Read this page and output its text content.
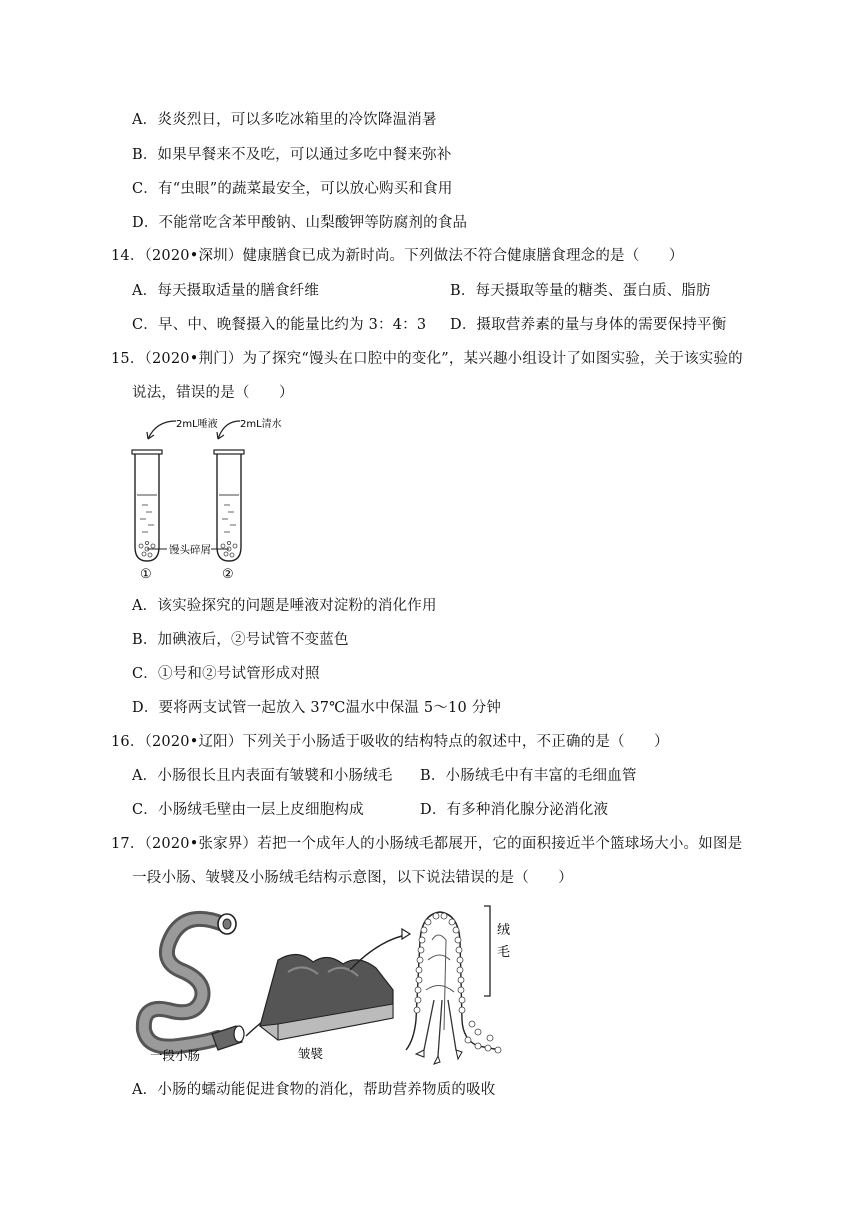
A．炎炎烈日，可以多吃冰箱里的冷饮降温消暑
B．如果早餐来不及吃，可以通过多吃中餐来弥补
C．有“虫眼”的蔬菜最安全，可以放心购买和食用
D．不能常吃含苯甲酸钠、山梨酸钾等防腐剂的食品
14．（2020•深圳）健康膳食已成为新时尚。下列做法不符合健康膳食理念的是（　　）
A．每天摄取适量的膳食纤维	B．每天摄取等量的糖类、蛋白质、脂肪
C．早、中、晚餐摄入的能量比约为 3：4：3 D．摄取营养素的量与身体的需要保持平衡
15．（2020•荆门）为了探究“馒头在口腔中的变化”，某兴趣小组设计了如图实验，关于该实验的
说法，错误的是（　　）
2mL唾液 2mL清水
馒头碎屑
①	②
A．该实验探究的问题是唾液对淀粉的消化作用
B．加碘液后，②号试管不变蓝色
C．①号和②号试管形成对照
D．要将两支试管一起放入 37℃温水中保温 5～10 分钟
16．（2020•辽阳）下列关于小肠适于吸收的结构特点的叙述中，不正确的是（　　）
A．小肠很长且内表面有皱襞和小肠绒毛 B．小肠绒毛中有丰富的毛细血管
C．小肠绒毛壁由一层上皮细胞构成	D．有多种消化腺分泌消化液
17．（2020•张家界）若把一个成年人的小肠绒毛都展开，它的面积接近半个篮球场大小。如图是
一段小肠、皱襞及小肠绒毛结构示意图，以下说法错误的是（　　）
绒
毛
一段小肠	皱襞
A．小肠的蠕动能促进食物的消化，帮助营养物质的吸收
